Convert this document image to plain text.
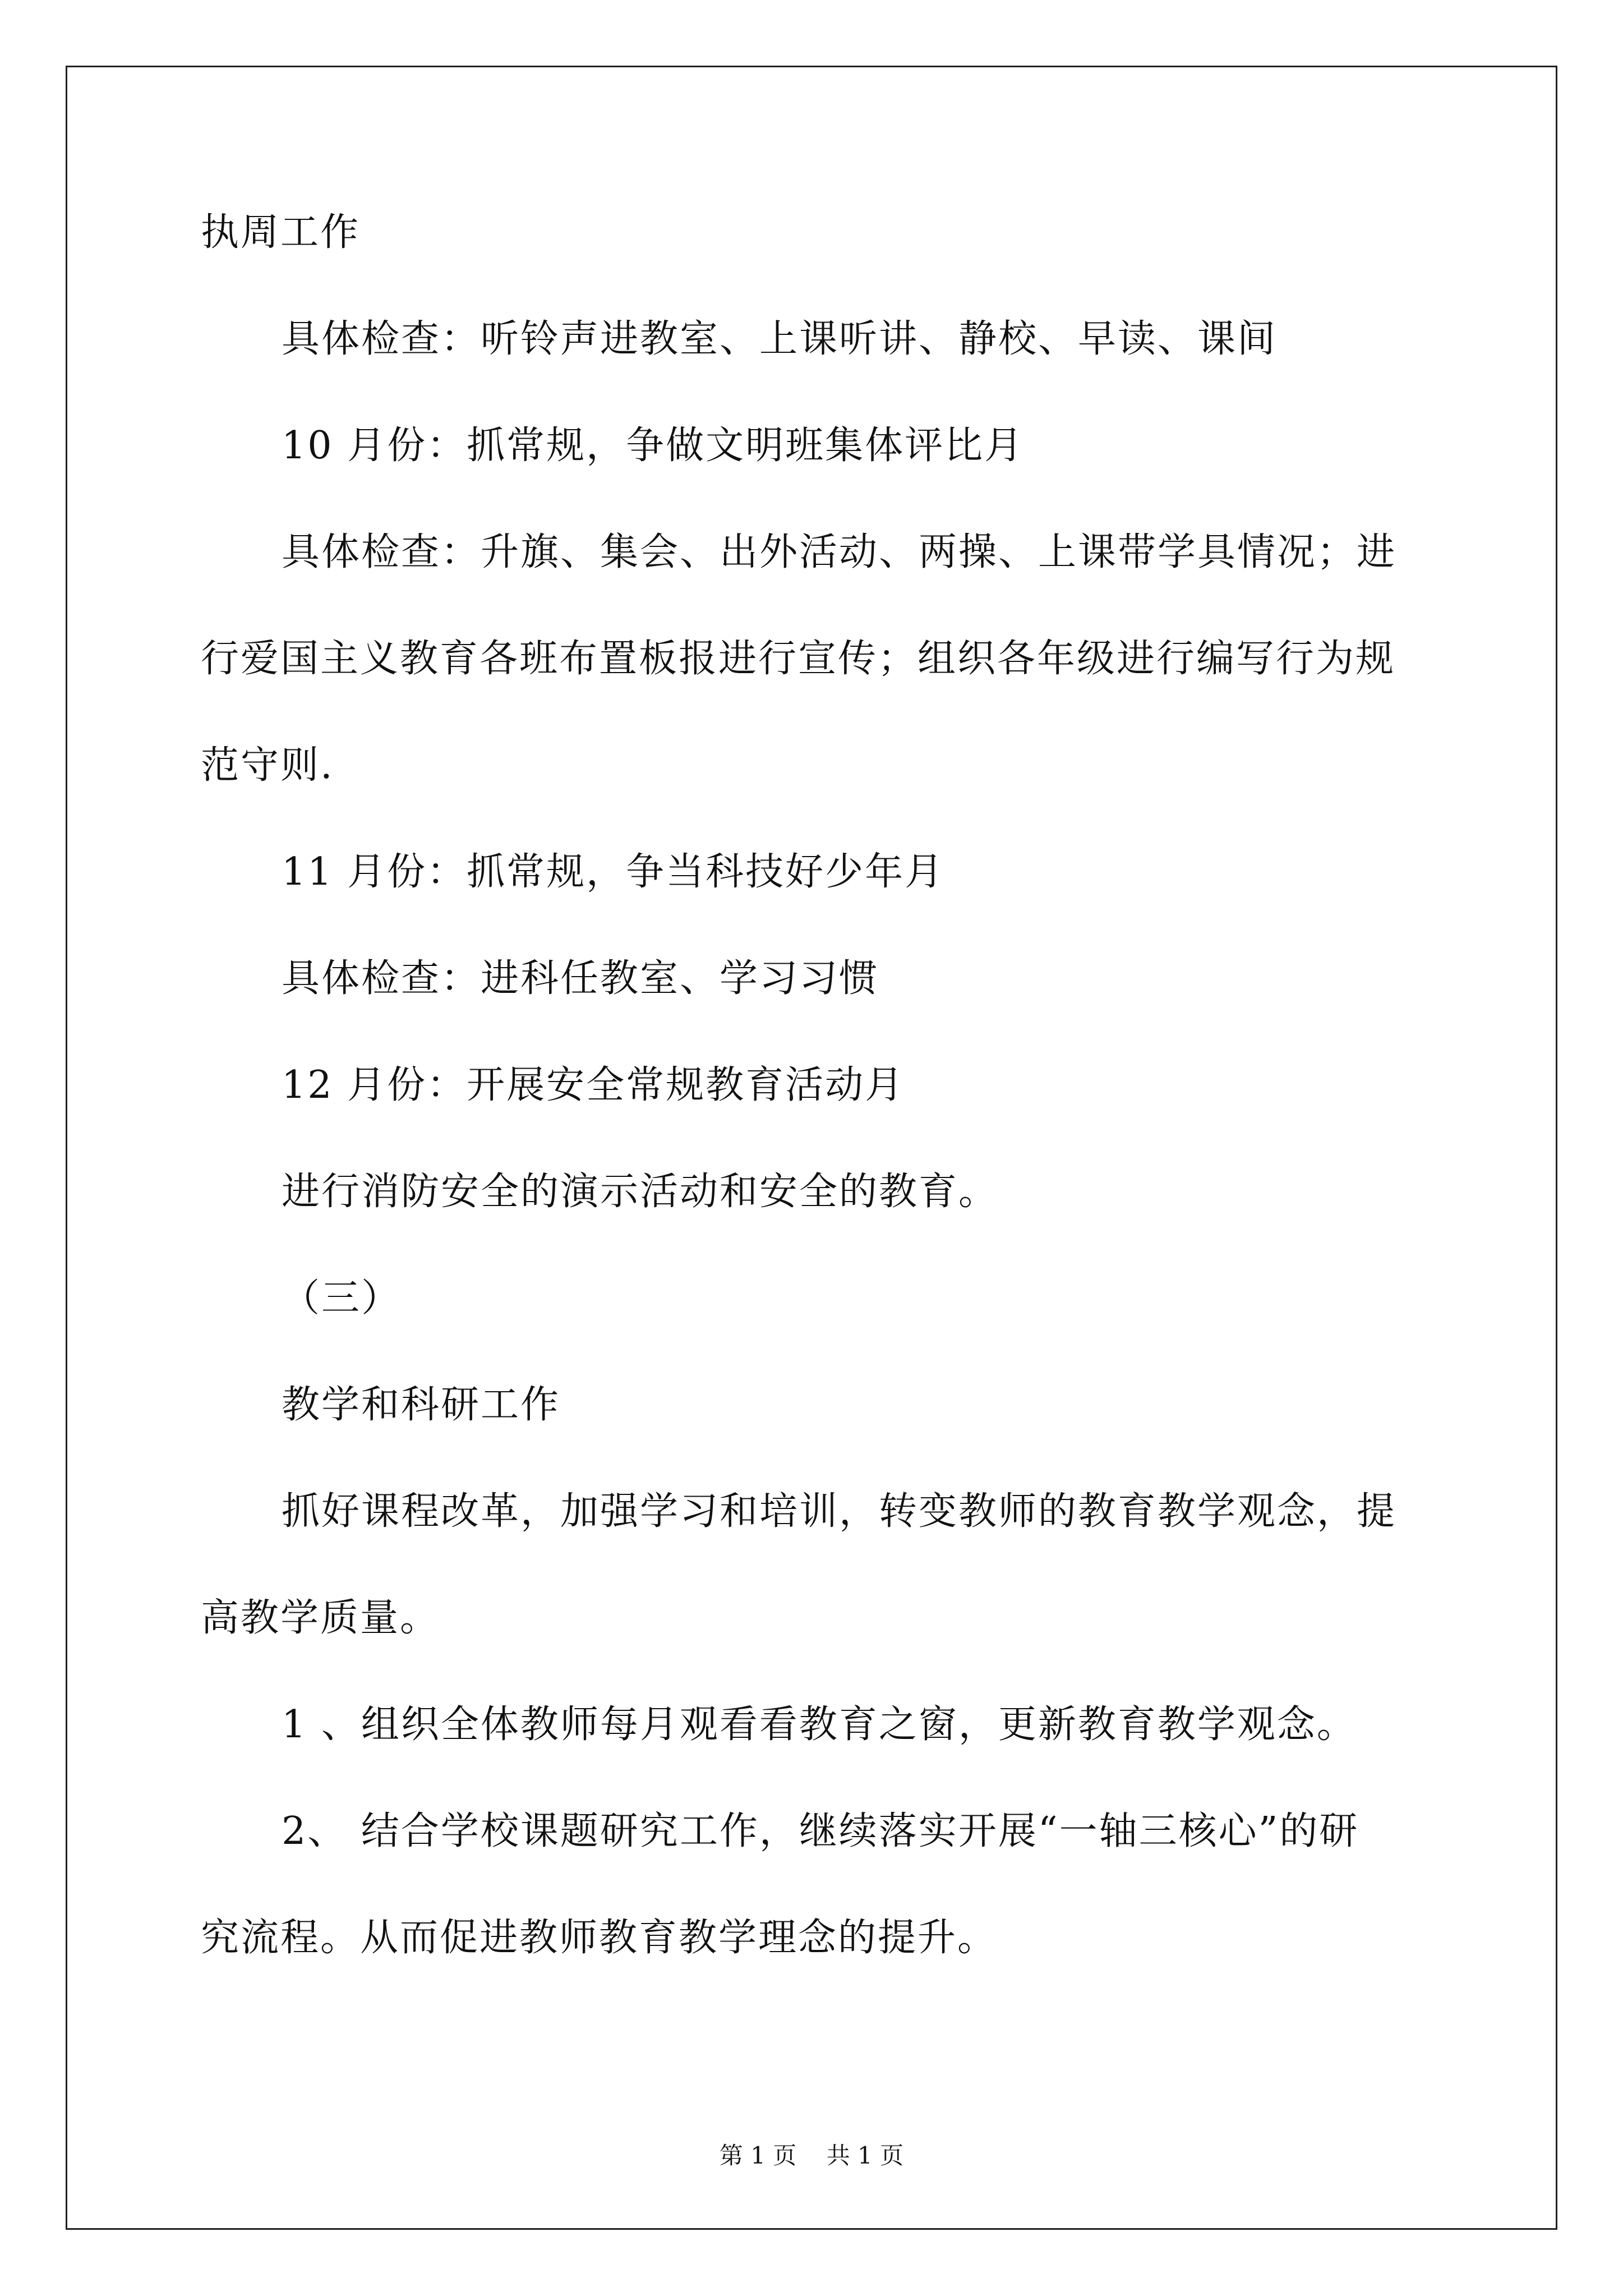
执周工作
具体检查：听铃声进教室、上课听讲、静校、早读、课间
10 月份：抓常规，争做文明班集体评比月
具体检查：升旗、集会、出外活动、两操、上课带学具情况；进
行爱国主义教育各班布置板报进行宣传；组织各年级进行编写行为规
范守则.
11 月份：抓常规，争当科技好少年月
具体检查：进科任教室、学习习惯
12 月份：开展安全常规教育活动月
进行消防安全的演示活动和安全的教育。
（三）
教学和科研工作
抓好课程改革，加强学习和培训，转变教师的教育教学观念，提
高教学质量。
1 、组织全体教师每月观看看教育之窗，更新教育教学观念。
2、 结合学校课题研究工作，继续落实开展“一轴三核心”的研
究流程。从而促进教师教育教学理念的提升。
第 1 页    共 1 页
